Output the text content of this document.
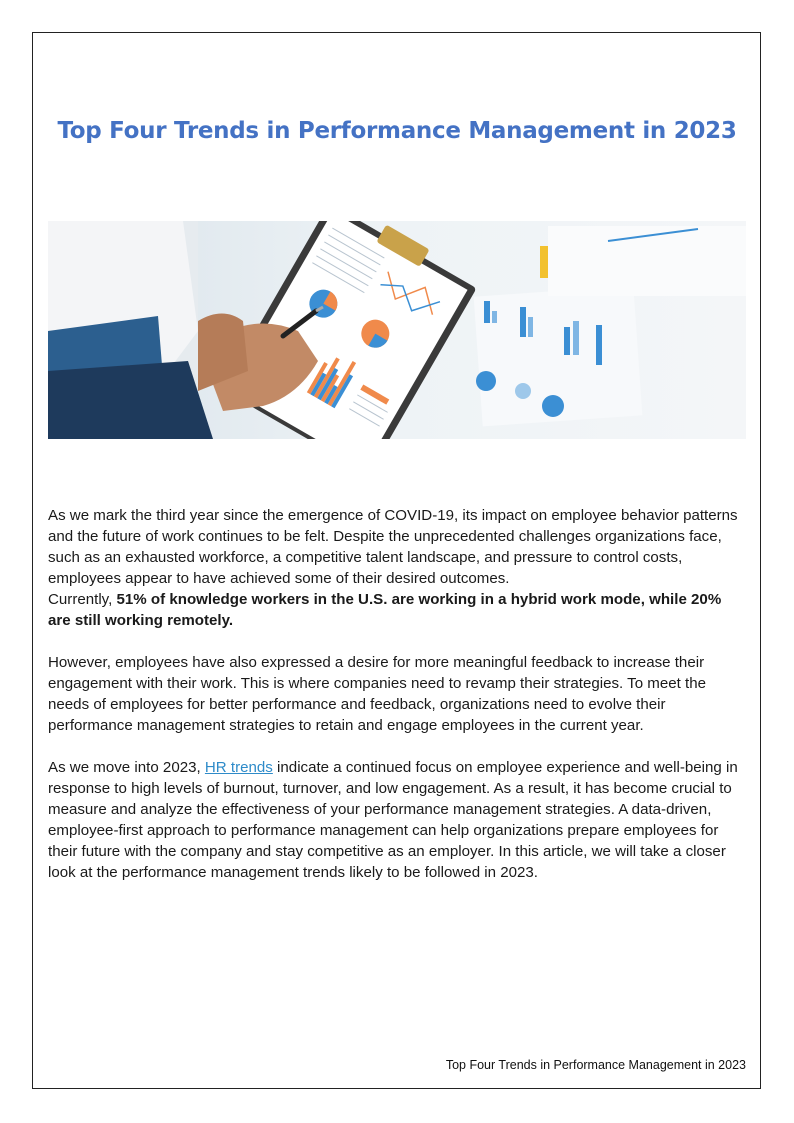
Top Four Trends in Performance Management in 2023

As we mark the third year since the emergence of COVID-19, its impact on employee behavior patterns and the future of work continues to be felt. Despite the unprecedented challenges organizations face, such as an exhausted workforce, a competitive talent landscape, and pressure to control costs, employees appear to have achieved some of their desired outcomes.
Currently, 51% of knowledge workers in the U.S. are working in a hybrid work mode, while 20% are still working remotely.

However, employees have also expressed a desire for more meaningful feedback to increase their engagement with their work. This is where companies need to revamp their strategies. To meet the needs of employees for better performance and feedback, organizations need to evolve their performance management strategies to retain and engage employees in the current year.

As we move into 2023, HR trends indicate a continued focus on employee experience and well-being in response to high levels of burnout, turnover, and low engagement. As a result, it has become crucial to measure and analyze the effectiveness of your performance management strategies. A data-driven, employee-first approach to performance management can help organizations prepare employees for their future with the company and stay competitive as an employer. In this article, we will take a closer look at the performance management trends likely to be followed in 2023.

Top Four Trends in Performance Management in 2023
